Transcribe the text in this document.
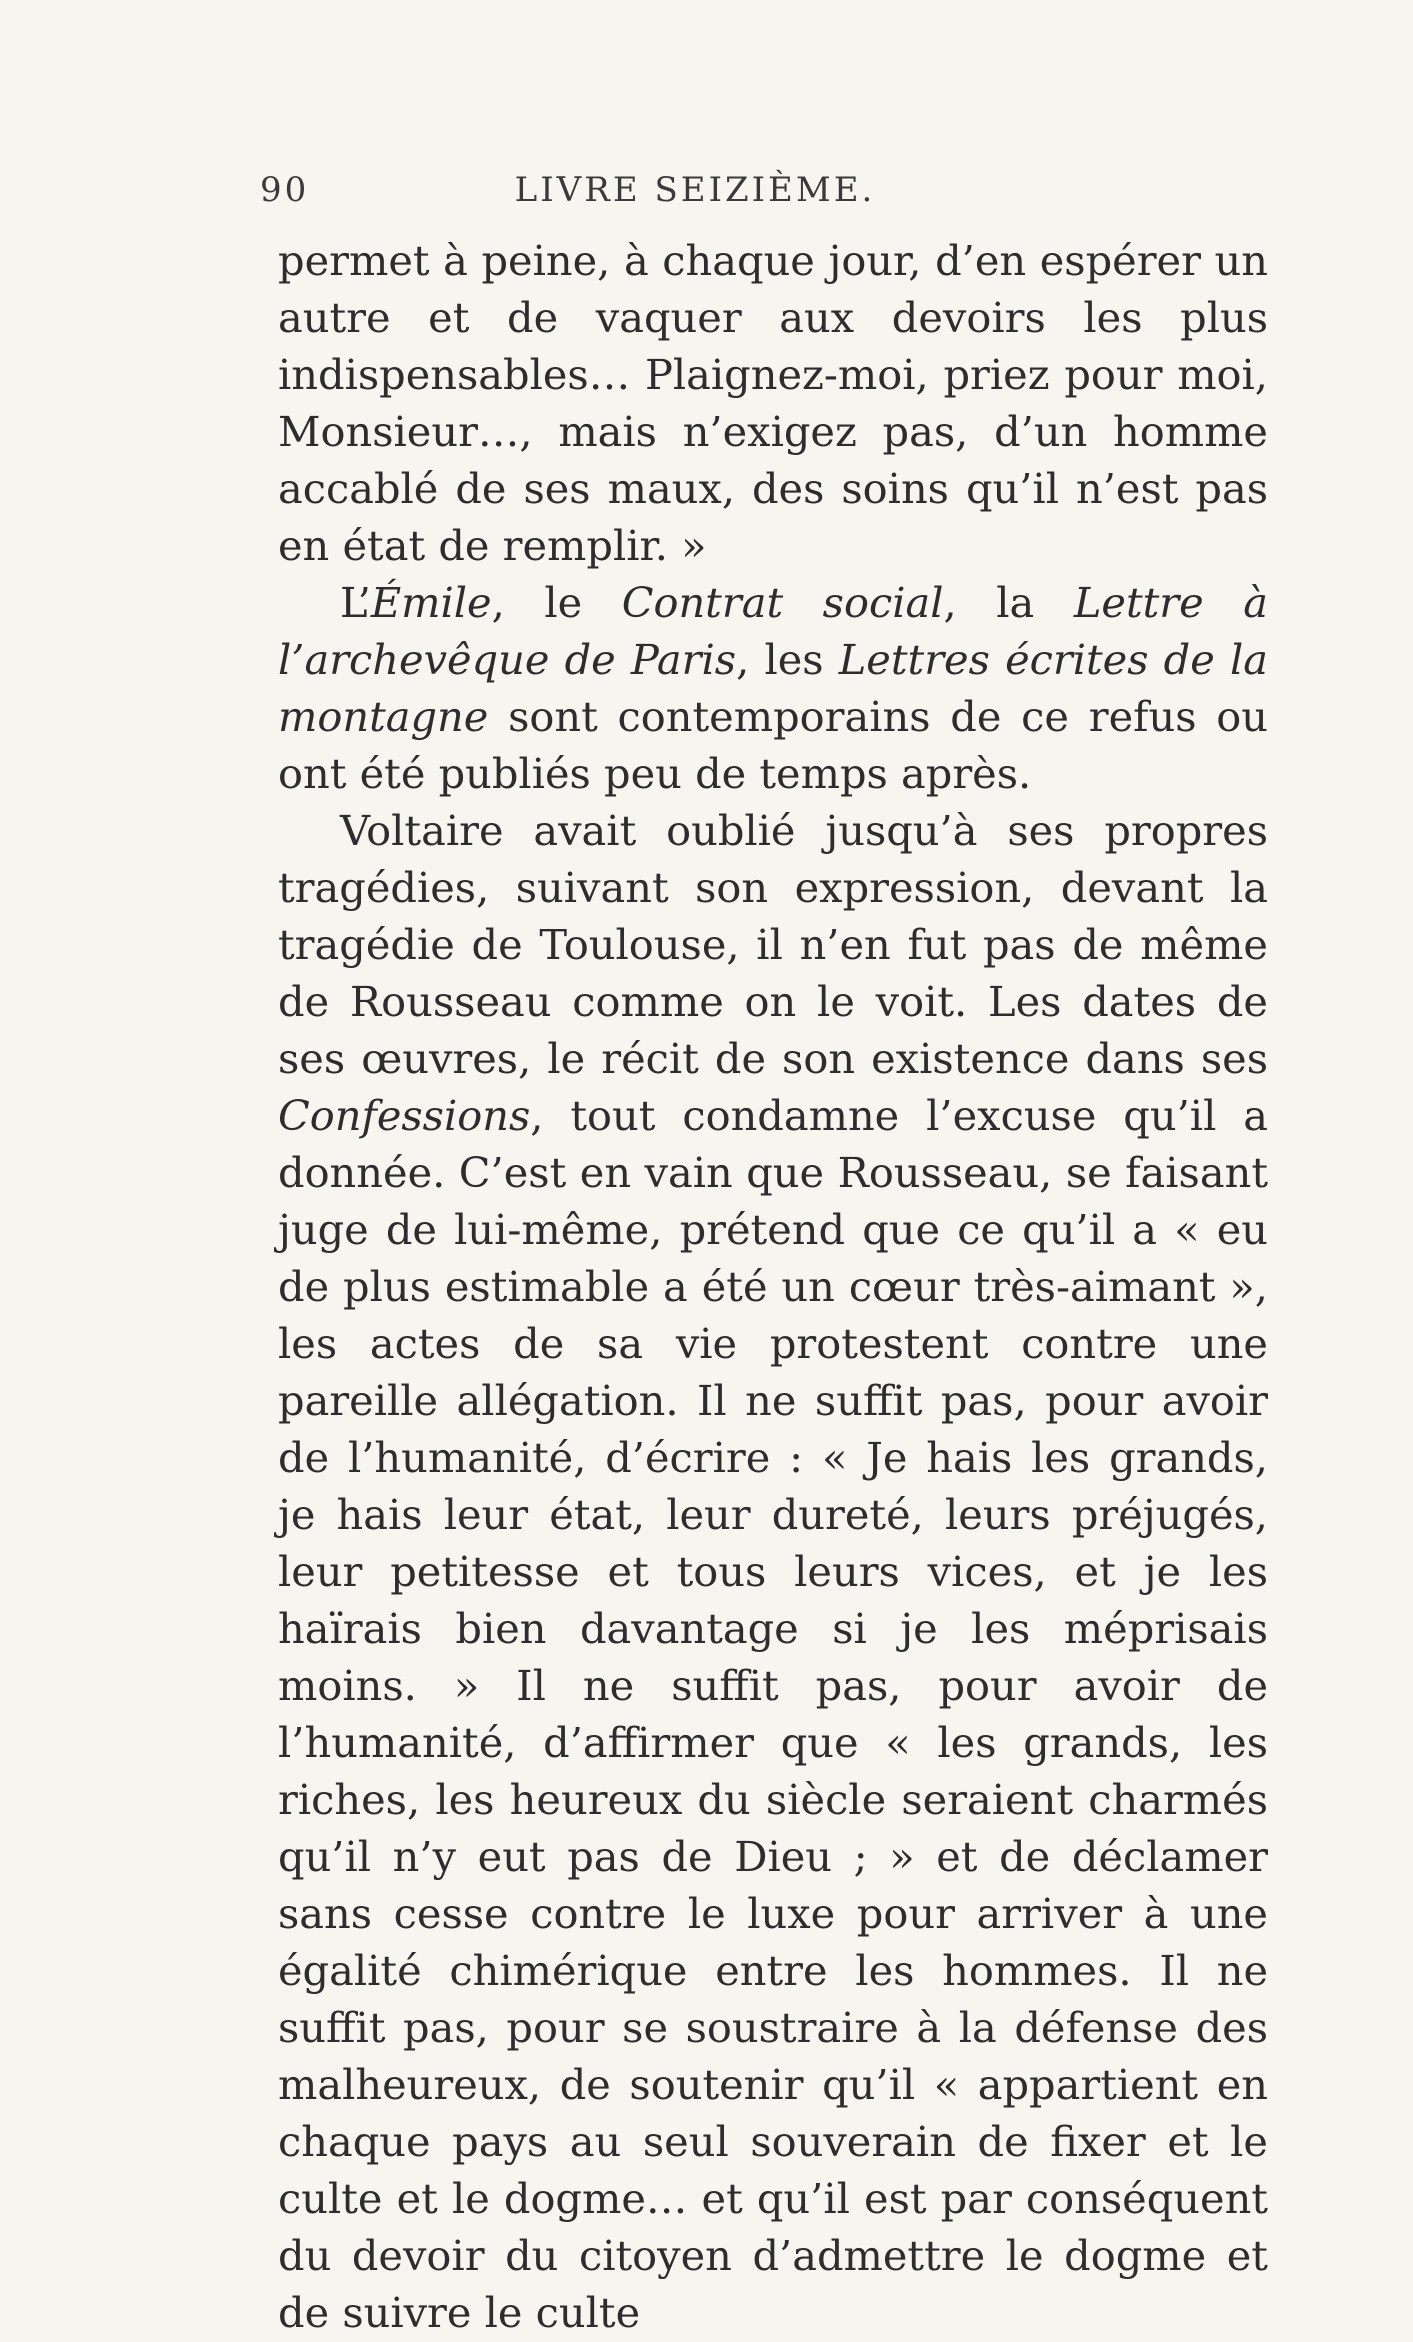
90	LIVRE SEIZIÈME.

permet à peine, à chaque jour, d’en espérer un autre et de vaquer aux devoirs les plus indispensables… Plaignez-moi, priez pour moi, Monsieur…, mais n’exigez pas, d’un homme accablé de ses maux, des soins qu’il n’est pas en état de remplir. »

L’Émile, le Contrat social, la Lettre à l’archevêque de Paris, les Lettres écrites de la montagne sont contemporains de ce refus ou ont été publiés peu de temps après.

Voltaire avait oublié jusqu’à ses propres tragédies, suivant son expression, devant la tragédie de Toulouse, il n’en fut pas de même de Rousseau comme on le voit. Les dates de ses œuvres, le récit de son existence dans ses Confessions, tout condamne l’excuse qu’il a donnée. C’est en vain que Rousseau, se faisant juge de lui-même, prétend que ce qu’il a « eu de plus estimable a été un cœur très-aimant », les actes de sa vie protestent contre une pareille allégation. Il ne suffit pas, pour avoir de l’humanité, d’écrire : « Je hais les grands, je hais leur état, leur dureté, leurs préjugés, leur petitesse et tous leurs vices, et je les haïrais bien davantage si je les méprisais moins. » Il ne suffit pas, pour avoir de l’humanité, d’affirmer que « les grands, les riches, les heureux du siècle seraient charmés qu’il n’y eut pas de Dieu ; » et de déclamer sans cesse contre le luxe pour arriver à une égalité chimérique entre les hommes. Il ne suffit pas, pour se soustraire à la défense des malheureux, de soutenir qu’il « appartient en chaque pays au seul souverain de fixer et le culte et le dogme… et qu’il est par conséquent du devoir du citoyen d’admettre le dogme et de suivre le culte
